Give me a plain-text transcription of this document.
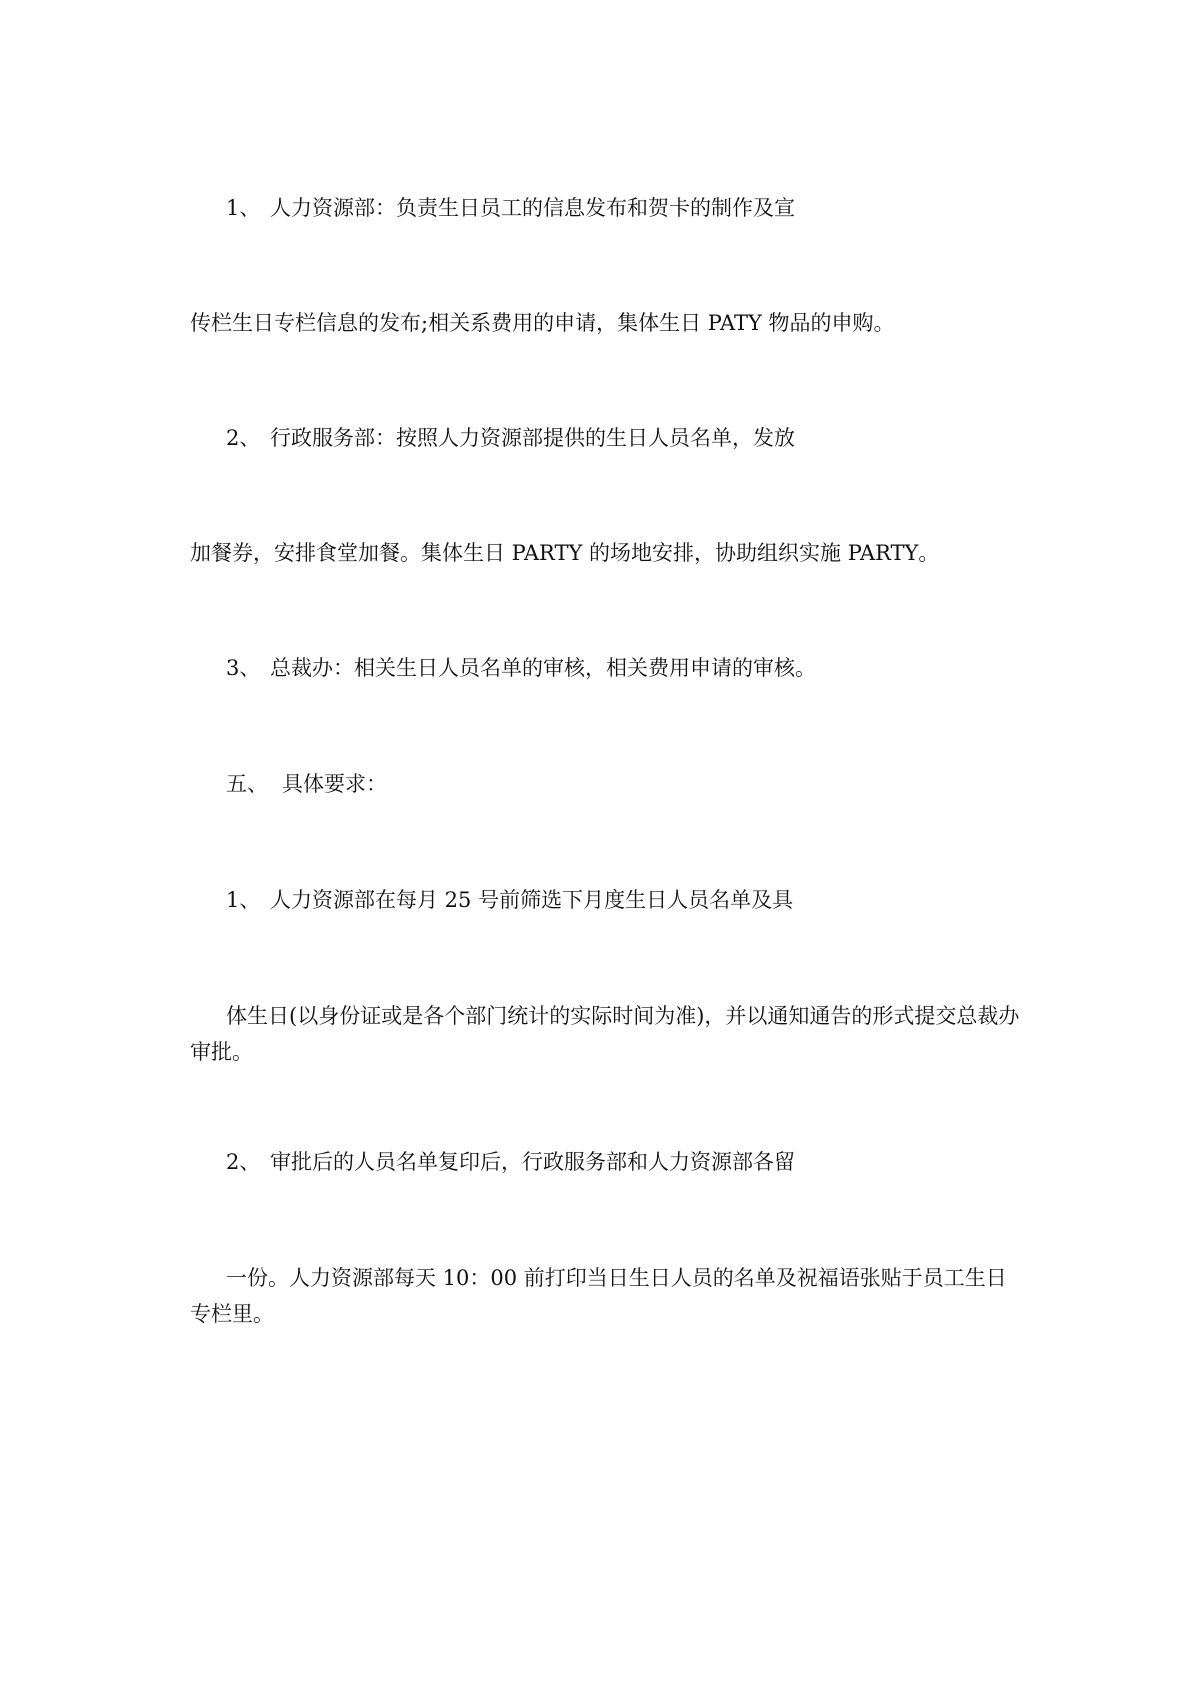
1、 人力资源部：负责生日员工的信息发布和贺卡的制作及宣
传栏生日专栏信息的发布;相关系费用的申请，集体生日 PATY 物品的申购。
2、 行政服务部：按照人力资源部提供的生日人员名单，发放
加餐券，安排食堂加餐。集体生日 PARTY 的场地安排，协助组织实施 PARTY。
3、 总裁办：相关生日人员名单的审核，相关费用申请的审核。
五、 具体要求：
1、 人力资源部在每月 25 号前筛选下月度生日人员名单及具
体生日(以身份证或是各个部门统计的实际时间为准)，并以通知通告的形式提交总裁办审批。
2、 审批后的人员名单复印后，行政服务部和人力资源部各留
一份。人力资源部每天 10：00 前打印当日生日人员的名单及祝福语张贴于员工生日专栏里。
